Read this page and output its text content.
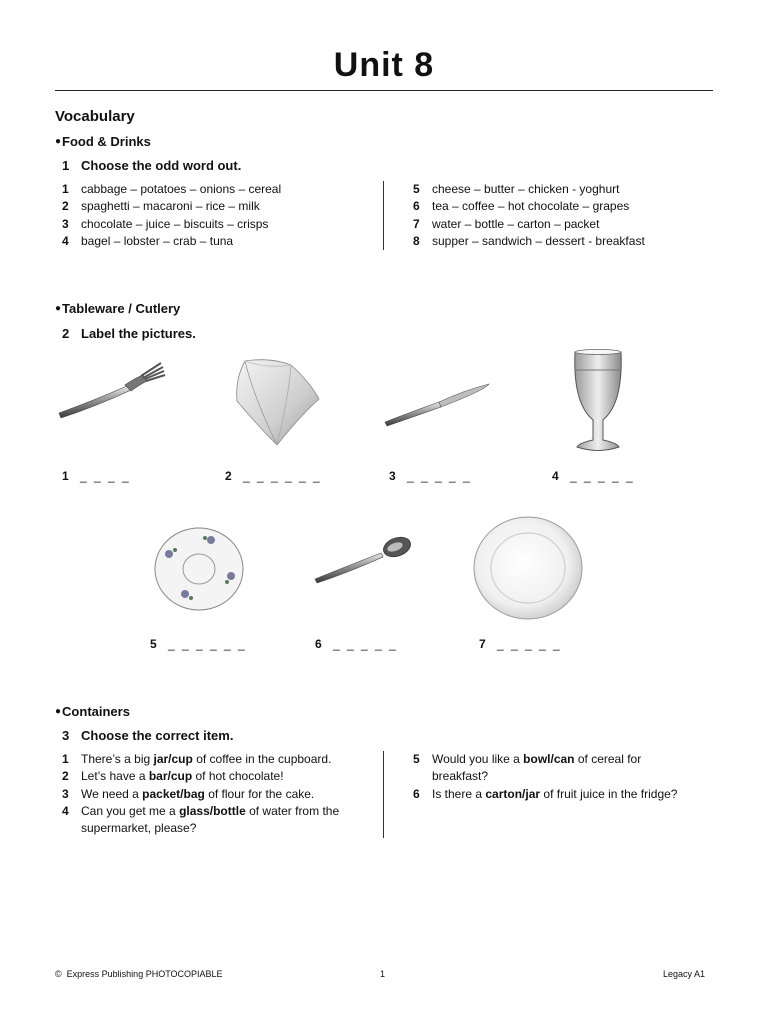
Unit 8
Vocabulary
●Food & Drinks
1 Choose the odd word out.
1 cabbage – potatoes – onions – cereal
2 spaghetti – macaroni – rice – milk
3 chocolate – juice – biscuits – crisps
4 bagel – lobster – crab – tuna
5 cheese – butter – chicken - yoghurt
6 tea – coffee – hot chocolate – grapes
7 water – bottle – carton – packet
8 supper – sandwich – dessert - breakfast
●Tableware / Cutlery
2 Label the pictures.
1 _ _ _ _	2 _ _ _ _ _ _	3 _ _ _ _ _	4 _ _ _ _ _
5 _ _ _ _ _ _	6 _ _ _ _ _	7 _ _ _ _ _
●Containers
3 Choose the correct item.
1 There’s a big jar/cup of coffee in the cupboard.
2 Let’s have a bar/cup of hot chocolate!
3 We need a packet/bag of flour for the cake.
4 Can you get me a glass/bottle of water from the
supermarket, please?
5 Would you like a bowl/can of cereal for
breakfast?
6 Is there a carton/jar of fruit juice in the fridge?
© Express Publishing PHOTOCOPIABLE	1	Legacy A1
